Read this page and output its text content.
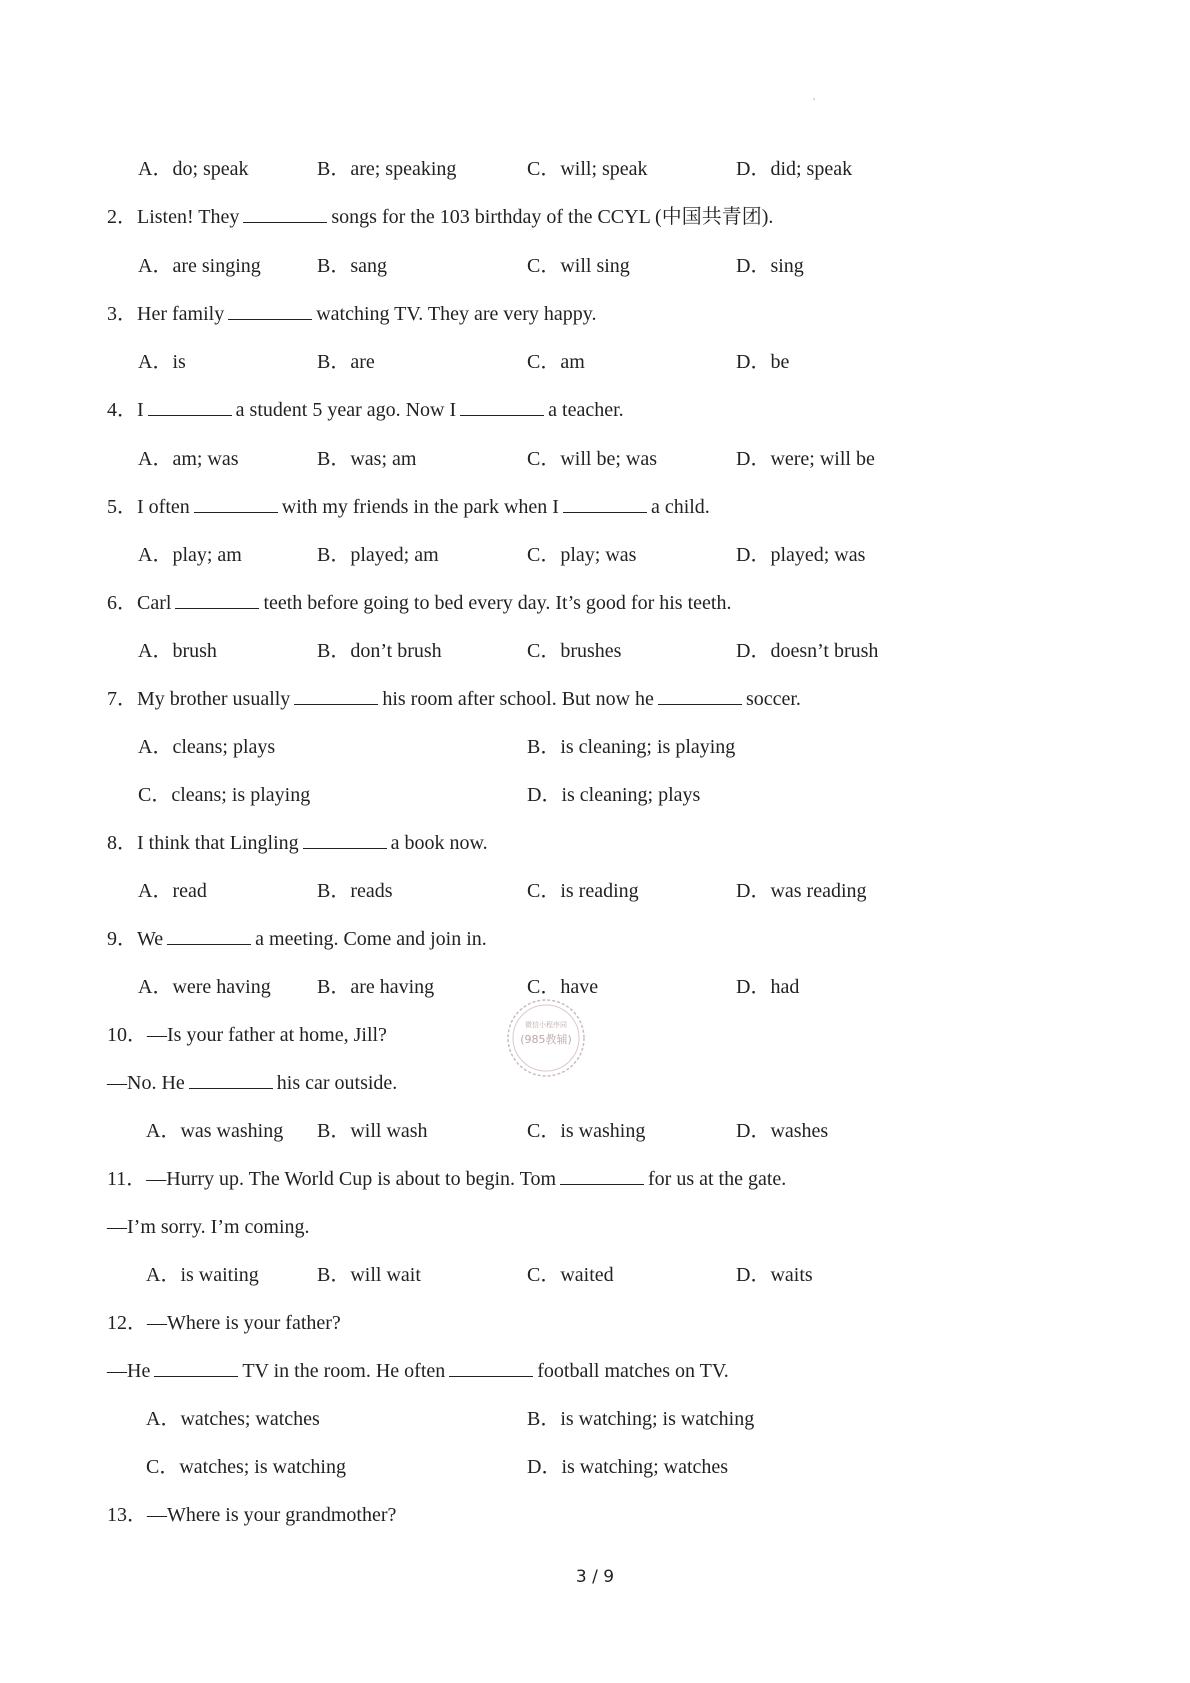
`
A．do; speak	B．are; speaking	C．will; speak	D．did; speak
2．Listen! They	songs for the 103 birthday of the CCYL (中国共青团).
A．are singing	B．sang	C．will sing	D．sing
3．Her family	watching TV. They are very happy.
A．is	B．are	C．am	D．be
4．I	a student 5 year ago. Now I	a teacher.
A．am; was	B．was; am	C．will be; was	D．were; will be
5．I often	with my friends in the park when I	a child.
A．play; am	B．played; am	C．play; was	D．played; was
6．Carl	teeth before going to bed every day. It’s good for his teeth.
A．brush	B．don’t brush	C．brushes	D．doesn’t brush
7．My brother usually	his room after school. But now he	soccer.
A．cleans; plays	B．is cleaning; is playing
C．cleans; is playing	D．is cleaning; plays
8．I think that Lingling	a book now.
A．read	B．reads	C．is reading	D．was reading
9．We	a meeting. Come and join in.
A．were having B．are having	C．have	D．had
微信小程序同
(985教辅)
10．—Is your father at home, Jill?
—No. He	his car outside.
A．was washing B．will wash	C．is washing	D．washes
11．—Hurry up. The World Cup is about to begin. Tom	for us at the gate.
—I’m sorry. I’m coming.
A．is waiting	B．will wait	C．waited	D．waits
12．—Where is your father?
—He	TV in the room. He often	football matches on TV.
A．watches; watches	B．is watching; is watching
C．watches; is watching	D．is watching; watches
13．—Where is your grandmother?
3 / 9
